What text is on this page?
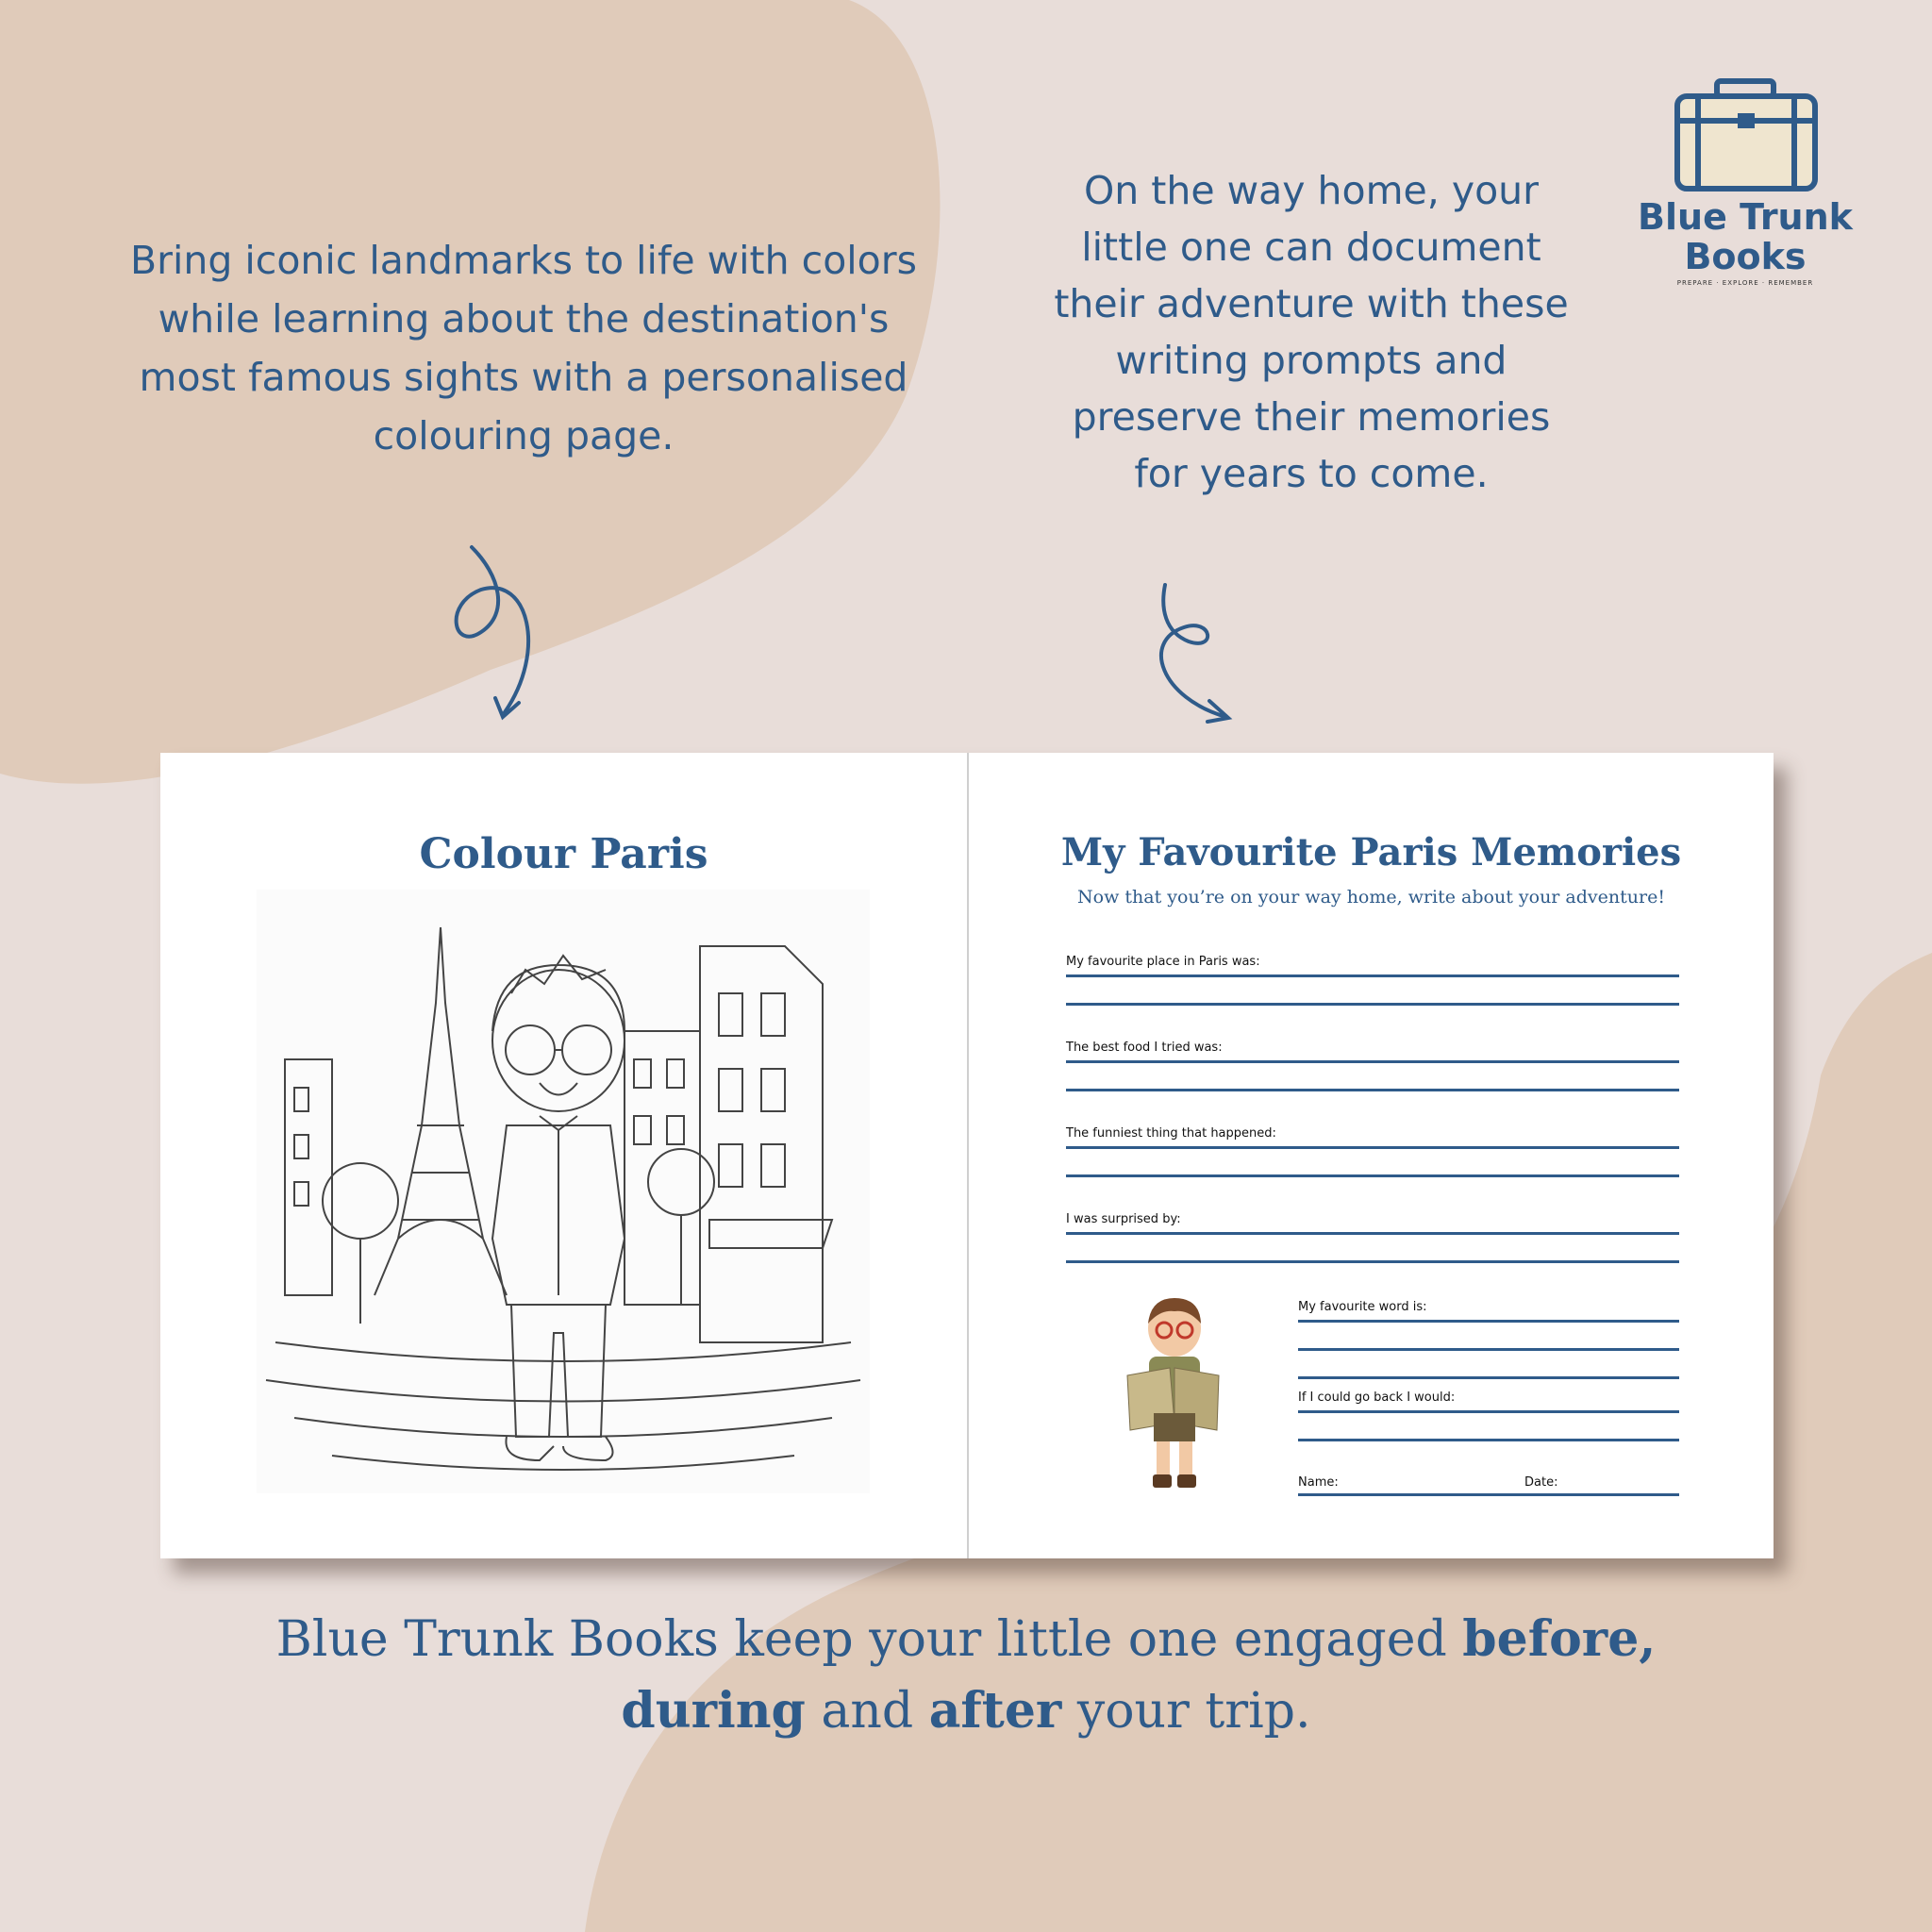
Bring iconic landmarks to life with colors while learning about the destination's most famous sights with a personalised colouring page.
On the way home, your little one can document their adventure with these writing prompts and preserve their memories for years to come.
Blue Trunk
Books
PREPARE · EXPLORE · REMEMBER
Colour Paris	My Favourite Paris Memories
Now that you’re on your way home, write about your adventure!
My favourite place in Paris was:
The best food I tried was:
The funniest thing that happened:
I was surprised by:
My favourite word is:
If I could go back I would:
Name:	Date:
Blue Trunk Books keep your little one engaged before,
during and after your trip.
